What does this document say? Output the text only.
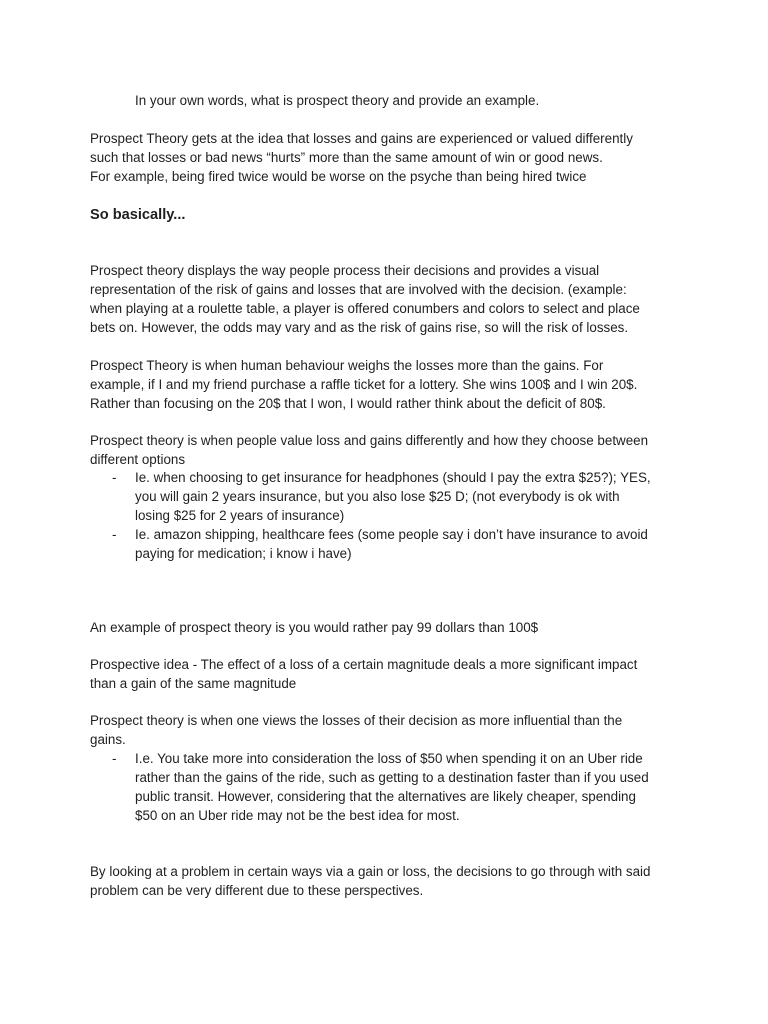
In your own words, what is prospect theory and provide an example.

Prospect Theory gets at the idea that losses and gains are experienced or valued differently
such that losses or bad news “hurts” more than the same amount of win or good news.
For example, being fired twice would be worse on the psyche than being hired twice

So basically...

Prospect theory displays the way people process their decisions and provides a visual
representation of the risk of gains and losses that are involved with the decision. (example:
when playing at a roulette table, a player is offered conumbers and colors to select and place
bets on. However, the odds may vary and as the risk of gains rise, so will the risk of losses.

Prospect Theory is when human behaviour weighs the losses more than the gains. For
example, if I and my friend purchase a raffle ticket for a lottery. She wins 100$ and I win 20$.
Rather than focusing on the 20$ that I won, I would rather think about the deficit of 80$.

Prospect theory is when people value loss and gains differently and how they choose between
different options

- Ie. when choosing to get insurance for headphones (should I pay the extra $25?); YES,
you will gain 2 years insurance, but you also lose $25 D; (not everybody is ok with
losing $25 for 2 years of insurance)
- Ie. amazon shipping, healthcare fees (some people say i don’t have insurance to avoid
paying for medication; i know i have)

An example of prospect theory is you would rather pay 99 dollars than 100$

Prospective idea - The effect of a loss of a certain magnitude deals a more significant impact
than a gain of the same magnitude

Prospect theory is when one views the losses of their decision as more influential than the
gains.

- I.e. You take more into consideration the loss of $50 when spending it on an Uber ride
rather than the gains of the ride, such as getting to a destination faster than if you used
public transit. However, considering that the alternatives are likely cheaper, spending
$50 on an Uber ride may not be the best idea for most.

By looking at a problem in certain ways via a gain or loss, the decisions to go through with said
problem can be very different due to these perspectives.
